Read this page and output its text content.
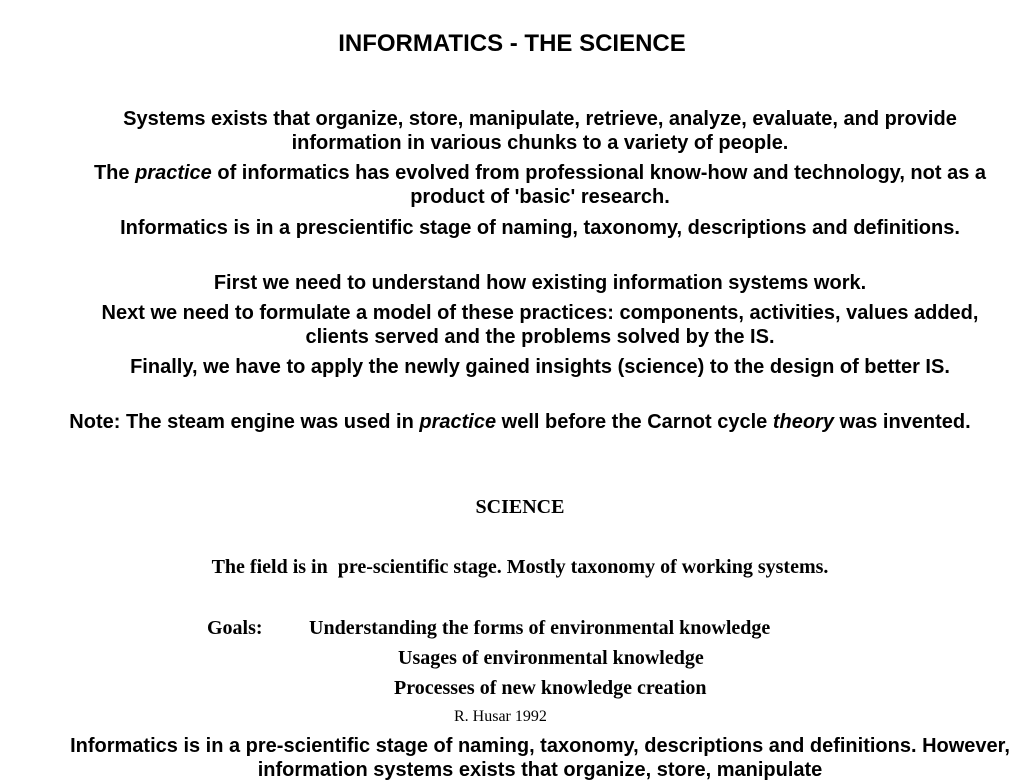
INFORMATICS - THE SCIENCE
Systems exists that organize, store, manipulate, retrieve, analyze, evaluate, and provide information in various chunks to a variety of people.
The practice of informatics has evolved from professional know-how and technology, not as a product of 'basic' research.
Informatics is in a prescientific stage of naming, taxonomy, descriptions and definitions.
First we need to understand how existing information systems work.
Next we need to formulate a model of these practices: components, activities, values added, clients served and the problems solved by the IS.
Finally, we have to apply the newly gained insights (science) to the design of better IS.
Note: The steam engine was used in practice well before the Carnot cycle theory was invented.
SCIENCE
The field is in  pre-scientific stage. Mostly taxonomy of working systems.
Goals: Understanding the forms of environmental knowledge
Usages of environmental knowledge
Processes of new knowledge creation
R. Husar 1992
Informatics is in a pre-scientific stage of naming, taxonomy, descriptions and definitions. However, information systems exists that organize, store, manipulate
